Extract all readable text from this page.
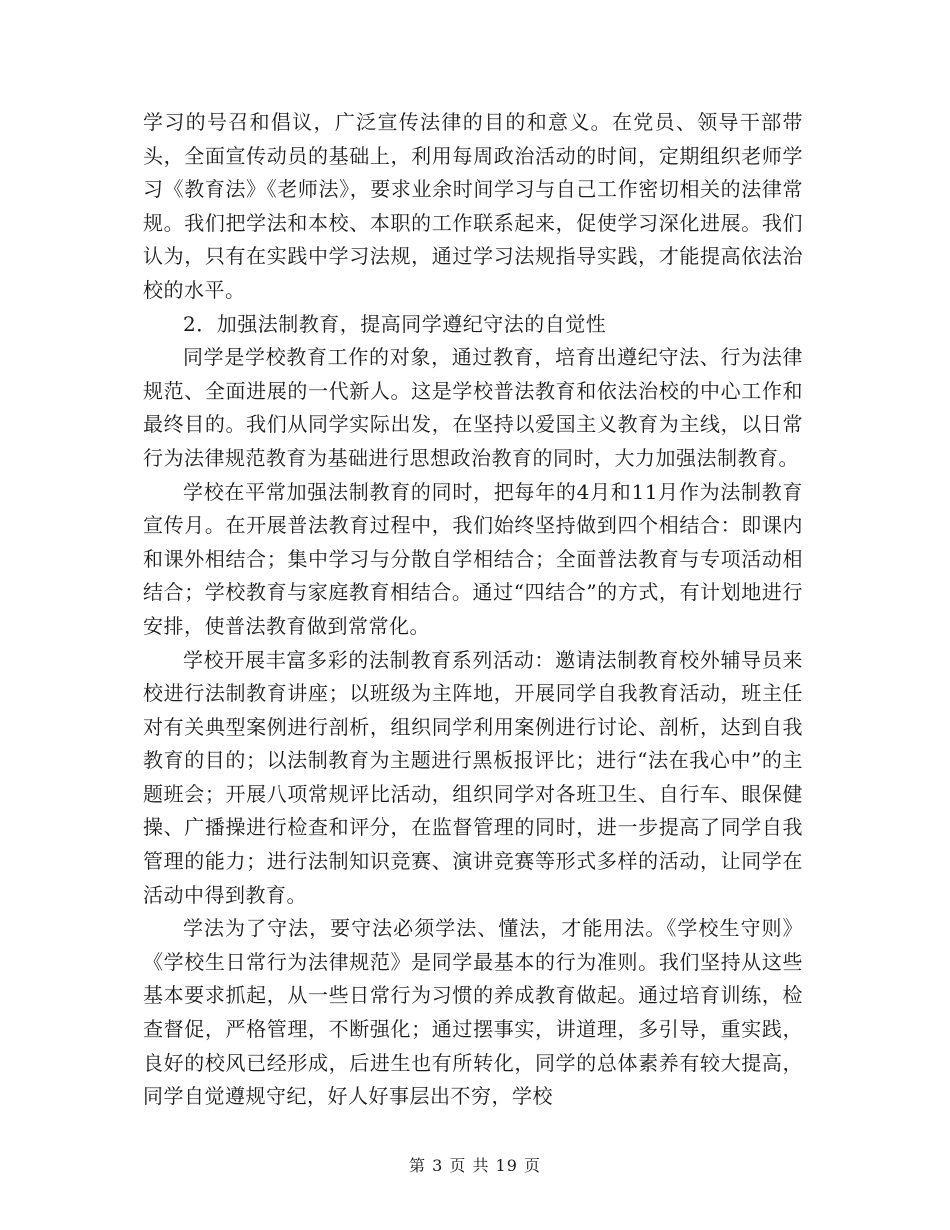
学习的号召和倡议，广泛宣传法律的目的和意义。在党员、领导干部带头，全面宣传动员的基础上，利用每周政治活动的时间，定期组织老师学习《教育法》《老师法》，要求业余时间学习与自己工作密切相关的法律常规。我们把学法和本校、本职的工作联系起来，促使学习深化进展。我们认为，只有在实践中学习法规，通过学习法规指导实践，才能提高依法治校的水平。

2．加强法制教育，提高同学遵纪守法的自觉性

同学是学校教育工作的对象，通过教育，培育出遵纪守法、行为法律规范、全面进展的一代新人。这是学校普法教育和依法治校的中心工作和最终目的。我们从同学实际出发，在坚持以爱国主义教育为主线，以日常行为法律规范教育为基础进行思想政治教育的同时，大力加强法制教育。

学校在平常加强法制教育的同时，把每年的4月和11月作为法制教育宣传月。在开展普法教育过程中，我们始终坚持做到四个相结合：即课内和课外相结合；集中学习与分散自学相结合；全面普法教育与专项活动相结合；学校教育与家庭教育相结合。通过“四结合”的方式，有计划地进行安排，使普法教育做到常常化。

学校开展丰富多彩的法制教育系列活动：邀请法制教育校外辅导员来校进行法制教育讲座；以班级为主阵地，开展同学自我教育活动，班主任对有关典型案例进行剖析，组织同学利用案例进行讨论、剖析，达到自我教育的目的；以法制教育为主题进行黑板报评比；进行“法在我心中”的主题班会；开展八项常规评比活动，组织同学对各班卫生、自行车、眼保健操、广播操进行检查和评分，在监督管理的同时，进一步提高了同学自我管理的能力；进行法制知识竞赛、演讲竞赛等形式多样的活动，让同学在活动中得到教育。

学法为了守法，要守法必须学法、懂法，才能用法。《学校生守则》《学校生日常行为法律规范》是同学最基本的行为准则。我们坚持从这些基本要求抓起，从一些日常行为习惯的养成教育做起。通过培育训练，检查督促，严格管理，不断强化；通过摆事实，讲道理，多引导，重实践，良好的校风已经形成，后进生也有所转化，同学的总体素养有较大提高，同学自觉遵规守纪，好人好事层出不穷，学校

第 3 页 共 19 页
